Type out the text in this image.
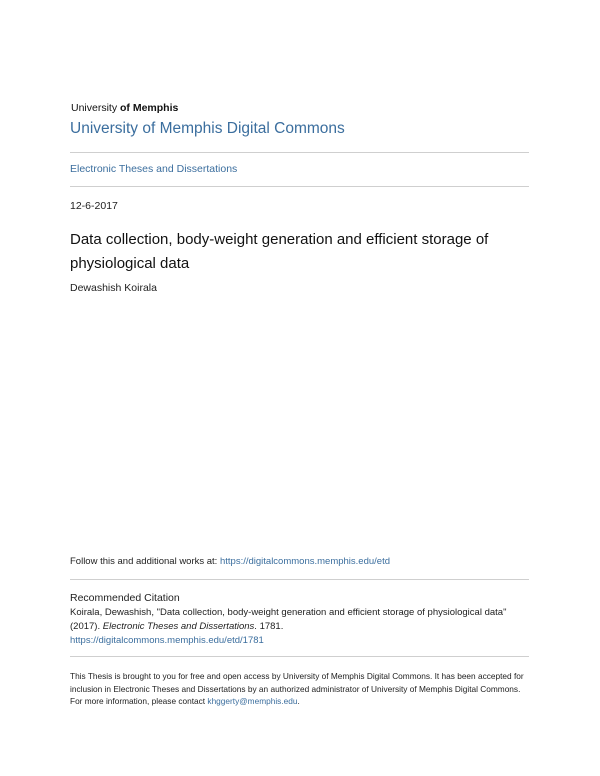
University of Memphis
University of Memphis Digital Commons
Electronic Theses and Dissertations
12-6-2017
Data collection, body-weight generation and efficient storage of physiological data
Dewashish Koirala
Follow this and additional works at: https://digitalcommons.memphis.edu/etd
Recommended Citation
Koirala, Dewashish, "Data collection, body-weight generation and efficient storage of physiological data" (2017). Electronic Theses and Dissertations. 1781.
https://digitalcommons.memphis.edu/etd/1781
This Thesis is brought to you for free and open access by University of Memphis Digital Commons. It has been accepted for inclusion in Electronic Theses and Dissertations by an authorized administrator of University of Memphis Digital Commons. For more information, please contact khggerty@memphis.edu.
